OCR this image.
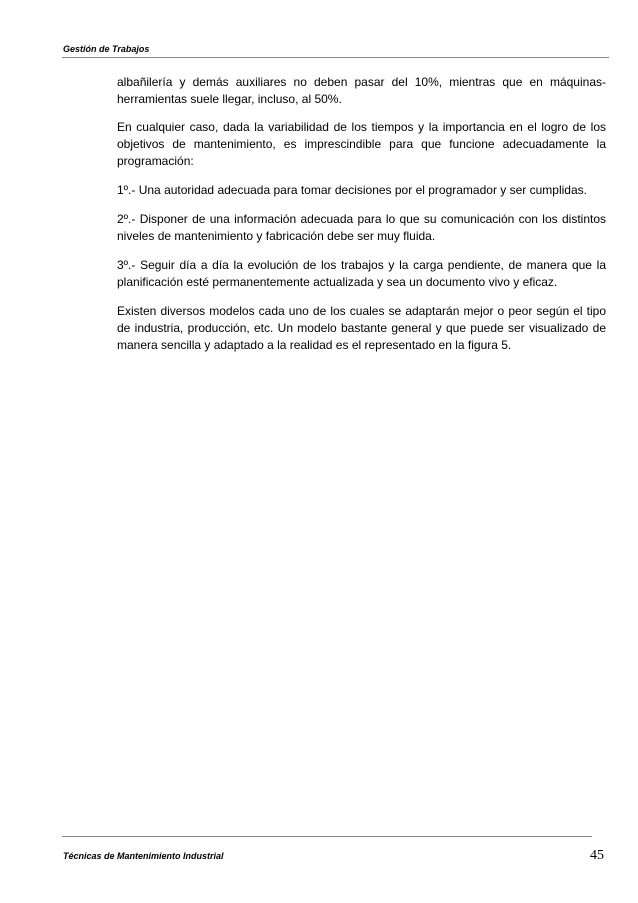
Gestión de Trabajos

albañilería y demás auxiliares no deben pasar del 10%, mientras que en máquinas-herramientas suele llegar, incluso, al 50%.

En cualquier caso, dada la variabilidad de los tiempos y la importancia en el logro de los objetivos de mantenimiento, es imprescindible para que funcione adecuadamente la programación:

1º.- Una autoridad adecuada para tomar decisiones por el programador y ser cumplidas.

2º.- Disponer de una información adecuada para lo que su comunicación con los distintos niveles de mantenimiento y fabricación debe ser muy fluida.

3º.- Seguir día a día la evolución de los trabajos y la carga pendiente, de manera que la planificación esté permanentemente actualizada y sea un documento vivo y eficaz.

Existen diversos modelos cada uno de los cuales se adaptarán mejor o peor según el tipo de industria, producción, etc. Un modelo bastante general y que puede ser visualizado de manera sencilla y adaptado a la realidad es el representado en la figura 5.

Técnicas de Mantenimiento Industrial	45
